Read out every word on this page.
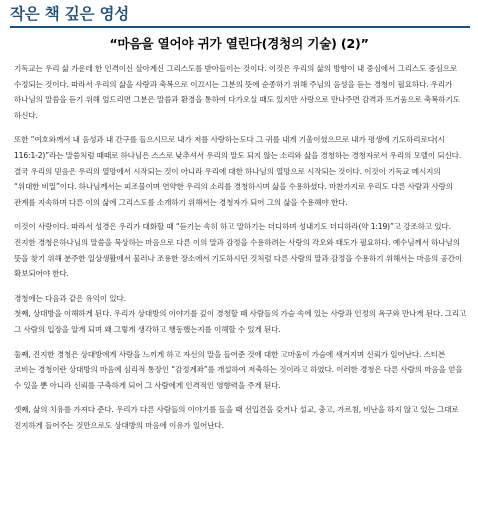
작은 책 깊은 영성
“마음을 열어야 귀가 열린다(경청의 기술) (2)”

기독교는 우리 삶 가운데 한 인격이신 살아계신 그리스도를 받아들이는 것이다. 이것은 우리의 삶의 방향이 내 중심에서 그리스도 중심으로 수정되는 것이다. 따라서 우리의 삶을 사랑과 축복으로 이끄시는 그분의 뜻에 순종하기 위해 주님의 음성을 듣는 경청이 필요하다. 우리가 하나님의 말씀을 듣기 위해 엎드리면 그분은 말씀과 환경을 통하여 다가오실 때도 있지만 사랑으로 만나주면 감격과 뜨거움으로 축복하기도 하신다.

또한 “여호와께서 내 음성과 내 간구를 들으시므로 내가 저를 사랑하는도다 그 귀를 내게 기울이셨으므로 내가 평생에 기도하리로다(시 116:1-2)”라는 말씀처럼 때때로 하나님은 스스로 낮추셔서 우리의 말도 되지 않는 소리와 삶을 경청하는 경청자로서 우리의 모델이 되신다. 결국 우리의 믿음은 우리의 열망에서 시작되는 것이 아니라 우리에 대한 하나님의 열망으로 시작되는 것이다. 이것이 기독교 메시지의 “위대한 비밀”이다. 하나님께서는 피조물이며 연약한 우리의 소리를 경청하시며 삶을 수용하셨다. 마찬가지로 우리도 다른 사람과 사랑의 관계를 지속하며 다른 이의 삶에 그리스도를 소개하기 위해서는 경청자가 되어 그의 삶을 수용해야 한다.

이것이 사랑이다. 따라서 성경은 우리가 대화할 때 “듣기는 속히 하고 말하기는 더디하며 성내기도 더디하라(약 1:19)”고 강조하고 있다. 진지한 경청은하나님의 말씀을 묵상하는 마음으로 다른 이의 말과 감정을 수용하려는 사랑의 각오와 태도가 필요하다. 예수님께서 하나님의 뜻을 찾기 위해 분주한 일상생활에서 물러나 조용한 장소에서 기도하시던 것처럼 다른 사람의 말과 감정을 수용하기 위해서는 마음의 공간이 확보되어야 한다.

경청에는 다음과 같은 유익이 있다.

첫째, 상대방을 이해하게 된다. 우리가 상대방의 이야기를 깊이 경청할 때 사람들의 가슴 속에 있는 사랑과 인정의 욕구와 만나게 된다. 그리고 그 사람의 입장을 알게 되며 왜 그렇게 생각하고 행동했는지를 이해할 수 있게 된다.

둘째, 진지한 경청은 상대방에게 사랑을 느끼게 하고 자신의 말을 들어준 것에 대한 고마움이 가슴에 새겨지며 신뢰가 일어난다. 스티븐 코비는 경청이란 상대방의 마음에 심리적 통장인 “감정계좌”를 개설하여 저축하는 것이라고 하였다. 이러한 경청은 다른 사람의 마음을 얻을 수 있을 뿐 아니라 신뢰를 구축하게 되어 그 사람에게 인격적인 영향력을 주게 된다.

셋째, 삶의 치유를 가져다 준다. 우리가 다른 사람들의 이야기를 들을 때 선입견을 갖거나 설교, 충고, 가르침, 비난을 하지 않고 있는 그대로 진지하게 들어주는 것만으로도 상대방의 마음에 이유가 일어난다.
